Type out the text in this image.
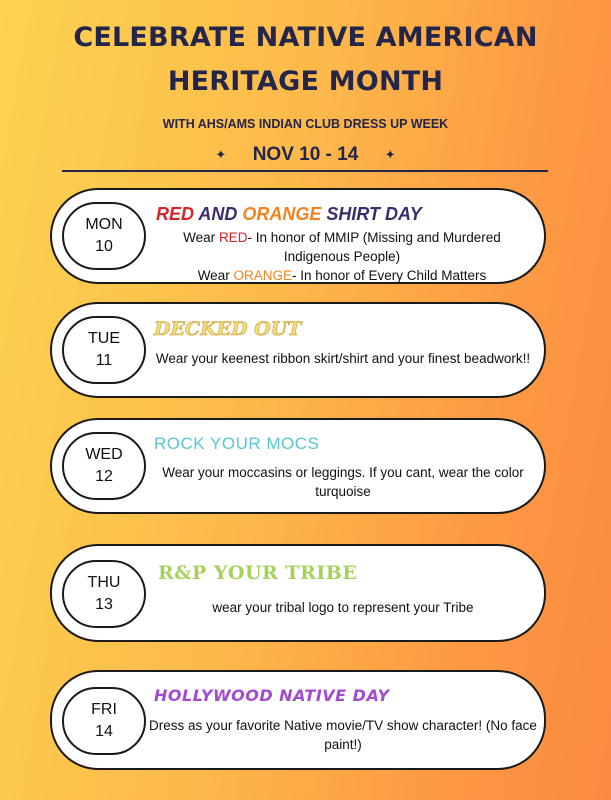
CELEBRATE NATIVE AMERICAN
HERITAGE MONTH
WITH AHS/AMS INDIAN CLUB DRESS UP WEEK
✦ NOV 10 - 14 ✦
MON
10
RED AND ORANGE SHIRT DAY
Wear RED- In honor of MMIP (Missing and Murdered
Indigenous People)
Wear ORANGE- In honor of Every Child Matters
TUE
11
DECKED OUT
Wear your keenest ribbon skirt/shirt and your finest beadwork!!
WED
12
ROCK YOUR MOCS
Wear your moccasins or leggings. If you cant, wear the color turquoise
THU
13
R&P YOUR TRIBE
wear your tribal logo to represent your Tribe
FRI
14
HOLLYWOOD NATIVE DAY
Dress as your favorite Native movie/TV show character! (No face paint!)
